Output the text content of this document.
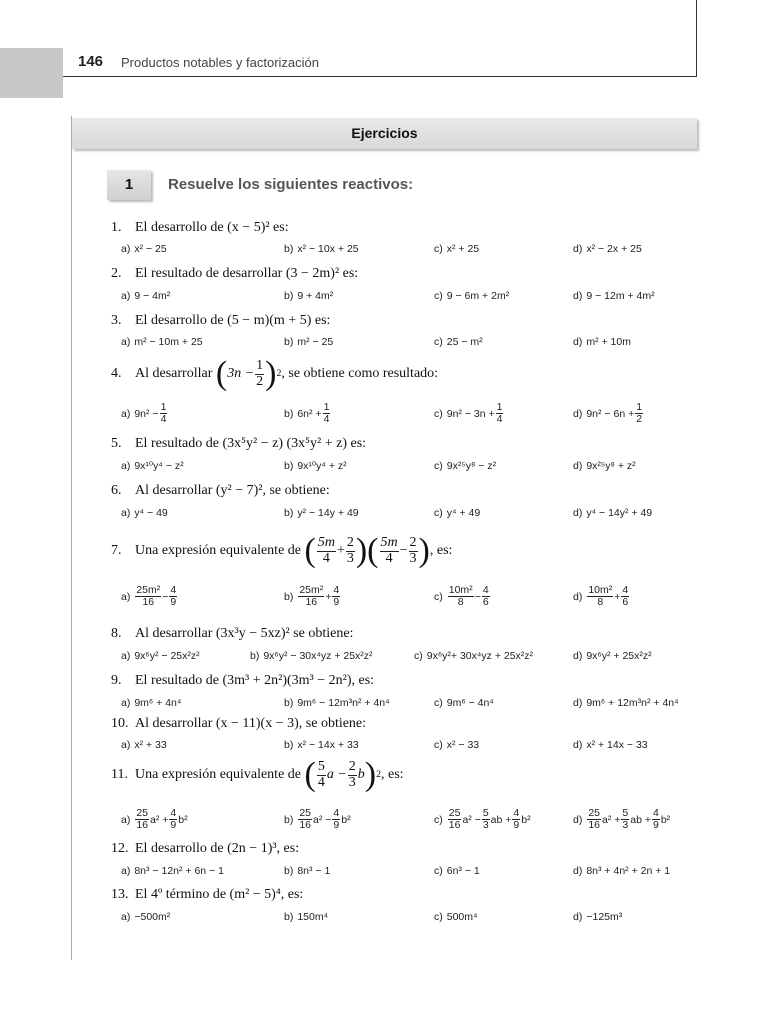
146 Productos notables y factorización
Ejercicios
1	Resuelve los siguientes reactivos:
1. El desarrollo de (x − 5)² es:
a) x² − 25	b) x² − 10x + 25	c) x² + 25	d) x² − 2x + 25
2. El resultado de desarrollar (3 − 2m)² es:
a) 9 − 4m²	b) 9 + 4m²	c) 9 − 6m + 2m²	d) 9 − 12m + 4m²
3. El desarrollo de (5 − m)(m + 5) es:
a) m² − 10m + 25	b) m² − 25	c) 25 − m²	d) m² + 10m
4. Al desarrollar
( $3n - \frac{1}{2}$ ) 2 , se obtiene como resultado:
a) $9n^2 - \frac{1}{4}$	b) $6n^2 + \frac{1}{4}$	c) $9n^2 - 3n + \frac{1}{4}$	d) $9n^2 - 6n + \frac{1}{2}$
5. El resultado de (3x⁵y² − z) (3x⁵y² + z) es:
a) 9x¹⁰y⁴ − z²	b) 9x¹⁰y⁴ + z²	c) 9x²⁵y⁸ − z²	d) 9x²⁵y⁸ + z²
6. Al desarrollar (y² − 7)², se obtiene:
a) y⁴ − 49	b) y² − 14y + 49	c) y⁴ + 49	d) y⁴ − 14y² + 49
7. Una expresión equivalente de
( $\frac{5m}{4} + \frac{2}{3}$ )( $\frac{5m}{4} - \frac{2}{3}$ ) , es:
$a) \frac{\text{25m²}}{16} - \frac{4}{9}$	$b) \frac{\text{25m²}}{16} + \frac{4}{9}$	$c) \frac{\text{10m²}}{8} - \frac{4}{6}$	$d) \frac{\text{10m²}}{8} + \frac{4}{6}$
8. Al desarrollar (3x³y − 5xz)² se obtiene:
a) 9x⁶y² − 25x²z²	b) 9x⁶y² − 30x⁴yz + 25x²z²	c) 9x⁶y²+ 30x⁴yz + 25x²z²	d) 9x⁶y² + 25x²z²
9. El resultado de (3m³ + 2n²)(3m³ − 2n²), es:
a) 9m⁶ + 4n⁴	b) 9m⁶ − 12m³n² + 4n⁴	c) 9m⁶ − 4n⁴	d) 9m⁶ + 12m³n² + 4n⁴
10. Al desarrollar (x − 11)(x − 3), se obtiene:
a) x² + 33	b) x² − 14x + 33	c) x² − 33	d) x² + 14x − 33
11. Una expresión equivalente de
( $\frac{5}{4}$ $a - \frac{2}{3}$ b ) 2 , es:
$a) \frac{25}{16} a^2 + \frac{4}{9} b^2$	$b) \frac{25}{16} a^2 - \frac{4}{9} b^2$	$c) \frac{25}{16} a^2 - \frac{5}{3}$ ab + $\frac{4}{9} b^2$	$d) \frac{25}{16} a^2 + \frac{5}{3}$ ab + $\frac{4}{9} b^2$
12. El desarrollo de (2n − 1)³, es:
a) 8n³ − 12n² + 6n − 1	b) 8n³ − 1	c) 6n³ − 1	d) 8n³ + 4n² + 2n + 1
13. El 4º término de (m² − 5)⁴, es:
a) −500m²	b) 150m⁴	c) 500m⁴	d) −125m³
